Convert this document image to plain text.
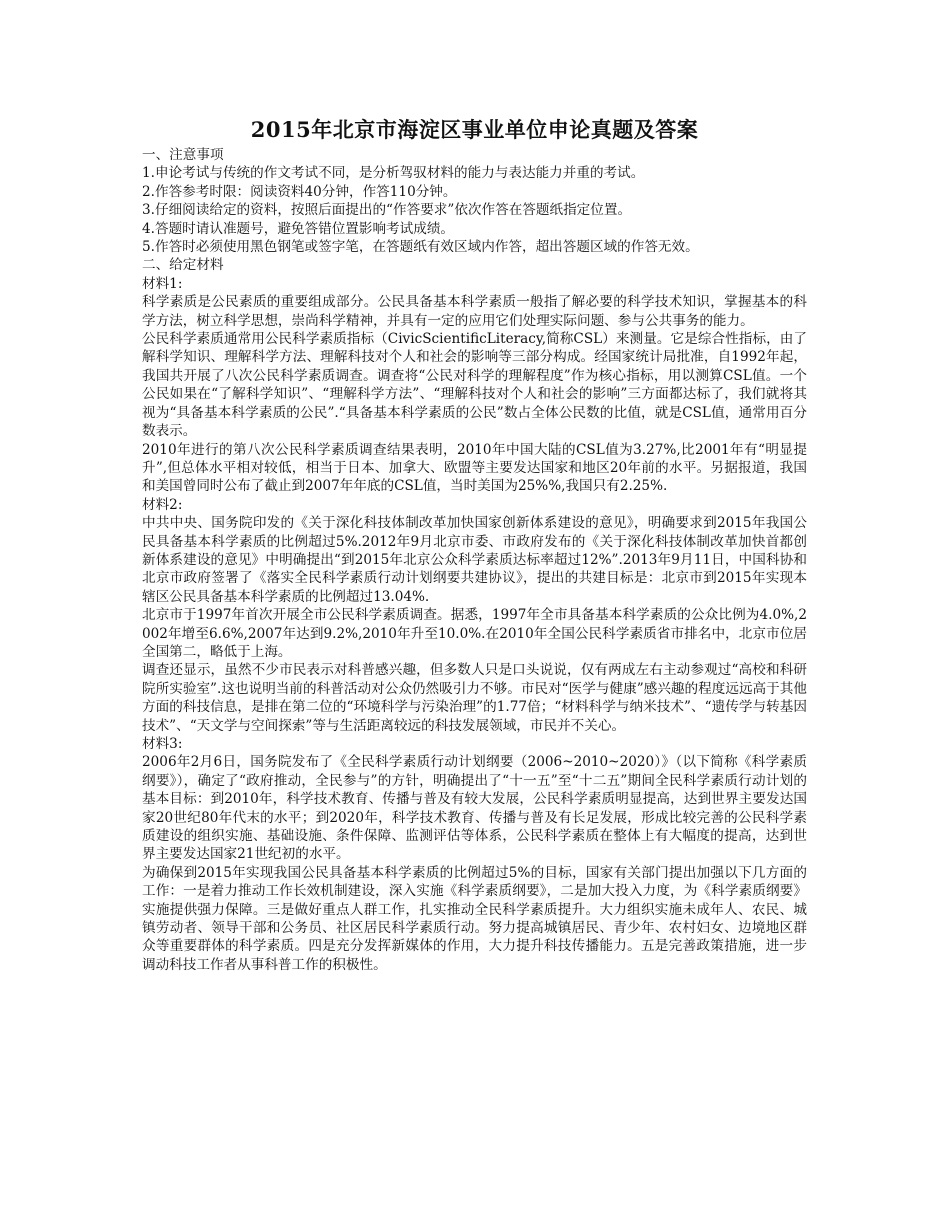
2015年北京市海淀区事业单位申论真题及答案

一、注意事项

1.申论考试与传统的作文考试不同，是分析驾驭材料的能力与表达能力并重的考试。

2.作答参考时限：阅读资料40分钟，作答110分钟。

3.仔细阅读给定的资料，按照后面提出的“作答要求”依次作答在答题纸指定位置。

4.答题时请认准题号，避免答错位置影响考试成绩。

5.作答时必须使用黑色钢笔或签字笔，在答题纸有效区域内作答，超出答题区域的作答无效。

二、给定材料

材料1:

科学素质是公民素质的重要组成部分。公民具备基本科学素质一般指了解必要的科学技术知识，掌握基本的科学方法，树立科学思想，崇尚科学精神，并具有一定的应用它们处理实际问题、参与公共事务的能力。

公民科学素质通常用公民科学素质指标（CivicScientificLiteracy,简称CSL）来测量。它是综合性指标，由了解科学知识、理解科学方法、理解科技对个人和社会的影响等三部分构成。经国家统计局批准，自1992年起，我国共开展了八次公民科学素质调查。调查将“公民对科学的理解程度”作为核心指标，用以测算CSL值。一个公民如果在“了解科学知识”、“理解科学方法”、“理解科技对个人和社会的影响”三方面都达标了，我们就将其视为“具备基本科学素质的公民”.“具备基本科学素质的公民”数占全体公民数的比值，就是CSL值，通常用百分数表示。

2010年进行的第八次公民科学素质调查结果表明，2010年中国大陆的CSL值为3.27%,比2001年有“明显提升”,但总体水平相对较低，相当于日本、加拿大、欧盟等主要发达国家和地区20年前的水平。另据报道，我国和美国曾同时公布了截止到2007年年底的CSL值，当时美国为25%%,我国只有2.25%.

材料2:

中共中央、国务院印发的《关于深化科技体制改革加快国家创新体系建设的意见》，明确要求到2015年我国公民具备基本科学素质的比例超过5%.2012年9月北京市委、市政府发布的《关于深化科技体制改革加快首都创新体系建设的意见》中明确提出“到2015年北京公众科学素质达标率超过12%”.2013年9月11日，中国科协和北京市政府签署了《落实全民科学素质行动计划纲要共建协议》，提出的共建目标是：北京市到2015年实现本辖区公民具备基本科学素质的比例超过13.04%.

北京市于1997年首次开展全市公民科学素质调查。据悉，1997年全市具备基本科学素质的公众比例为4.0%,2002年增至6.6%,2007年达到9.2%,2010年升至10.0%.在2010年全国公民科学素质省市排名中，北京市位居全国第二，略低于上海。

调查还显示，虽然不少市民表示对科普感兴趣，但多数人只是口头说说，仅有两成左右主动参观过“高校和科研院所实验室”.这也说明当前的科普活动对公众仍然吸引力不够。市民对“医学与健康”感兴趣的程度远远高于其他方面的科技信息，是排在第二位的“环境科学与污染治理”的1.77倍；“材料科学与纳米技术”、“遗传学与转基因技术”、“天文学与空间探索”等与生活距离较远的科技发展领域，市民并不关心。

材料3:

2006年2月6日，国务院发布了《全民科学素质行动计划纲要（2006~2010~2020）》（以下简称《科学素质纲要》），确定了“政府推动，全民参与”的方针，明确提出了“十一五”至“十二五”期间全民科学素质行动计划的基本目标：到2010年，科学技术教育、传播与普及有较大发展，公民科学素质明显提高，达到世界主要发达国家20世纪80年代末的水平；到2020年，科学技术教育、传播与普及有长足发展，形成比较完善的公民科学素质建设的组织实施、基础设施、条件保障、监测评估等体系，公民科学素质在整体上有大幅度的提高，达到世界主要发达国家21世纪初的水平。

为确保到2015年实现我国公民具备基本科学素质的比例超过5%的目标，国家有关部门提出加强以下几方面的工作：一是着力推动工作长效机制建设，深入实施《科学素质纲要》，二是加大投入力度，为《科学素质纲要》实施提供强力保障。三是做好重点人群工作，扎实推动全民科学素质提升。大力组织实施未成年人、农民、城镇劳动者、领导干部和公务员、社区居民科学素质行动。努力提高城镇居民、青少年、农村妇女、边境地区群众等重要群体的科学素质。四是充分发挥新媒体的作用，大力提升科技传播能力。五是完善政策措施，进一步调动科技工作者从事科普工作的积极性。
